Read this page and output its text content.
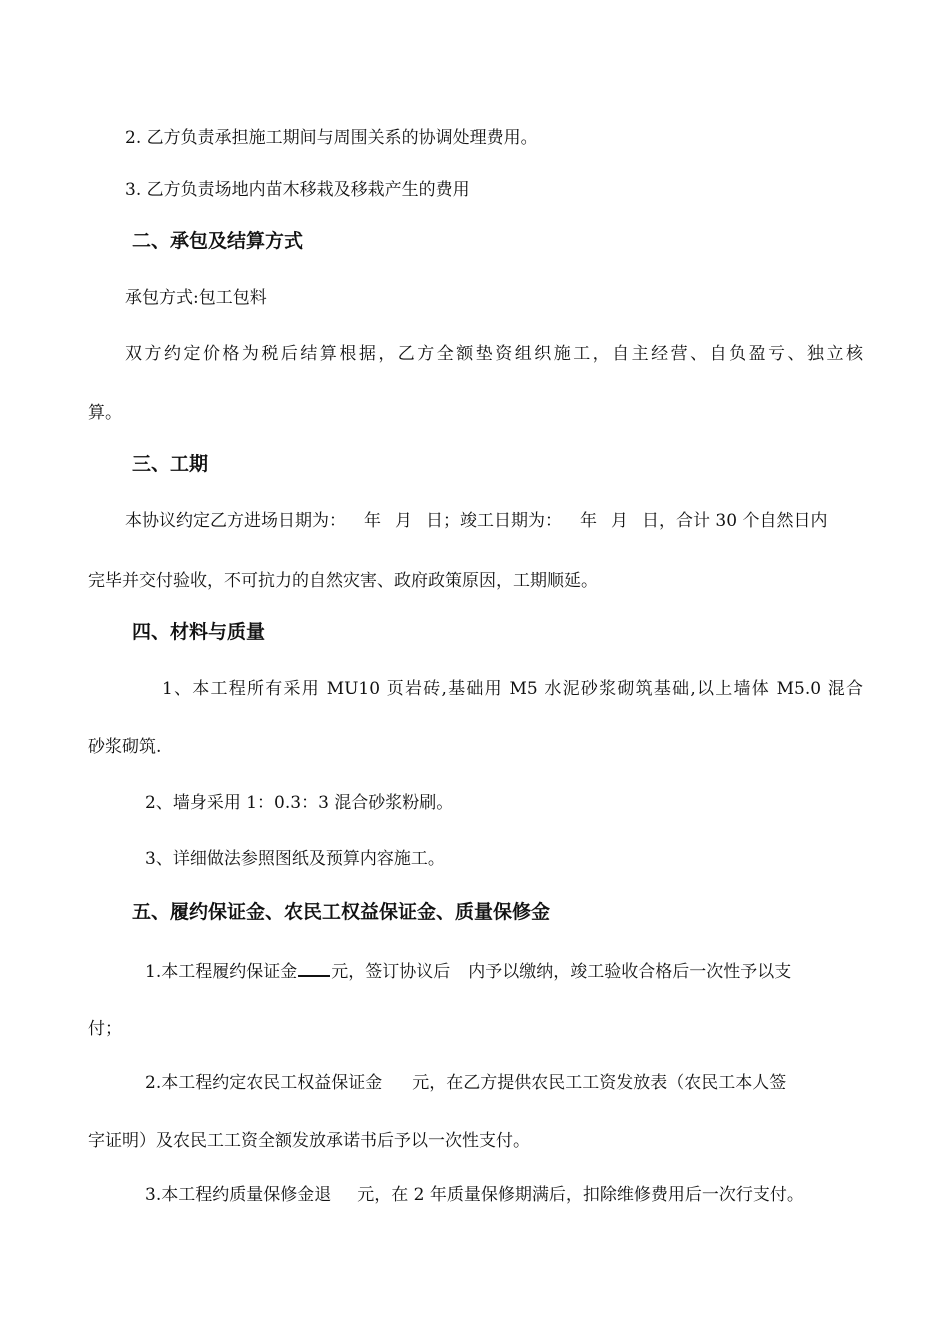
2. 乙方负责承担施工期间与周围关系的协调处理费用。
3. 乙方负责场地内苗木移栽及移栽产生的费用
二、承包及结算方式
承包方式:包工包料
双方约定价格为税后结算根据，乙方全额垫资组织施工，自主经营、自负盈亏、独立核
算。
三、工期
本协议约定乙方进场日期为： 年 月 日；竣工日期为： 年 月 日，合计 30 个自然日内
完毕并交付验收，不可抗力的自然灾害、政府政策原因，工期顺延。
四、材料与质量
1、本工程所有采用 MU10 页岩砖,基础用 M5 水泥砂浆砌筑基础,以上墙体 M5.0 混合
砂浆砌筑.
2、墙身采用 1：0.3：3 混合砂浆粉刷。
3、详细做法参照图纸及预算内容施工。
五、履约保证金、农民工权益保证金、质量保修金
1.本工程履约保证金 元，签订协议后 内予以缴纳，竣工验收合格后一次性予以支
付；
2.本工程约定农民工权益保证金 元，在乙方提供农民工工资发放表（农民工本人签
字证明）及农民工工资全额发放承诺书后予以一次性支付。
3.本工程约质量保修金退 元，在 2 年质量保修期满后，扣除维修费用后一次行支付。
